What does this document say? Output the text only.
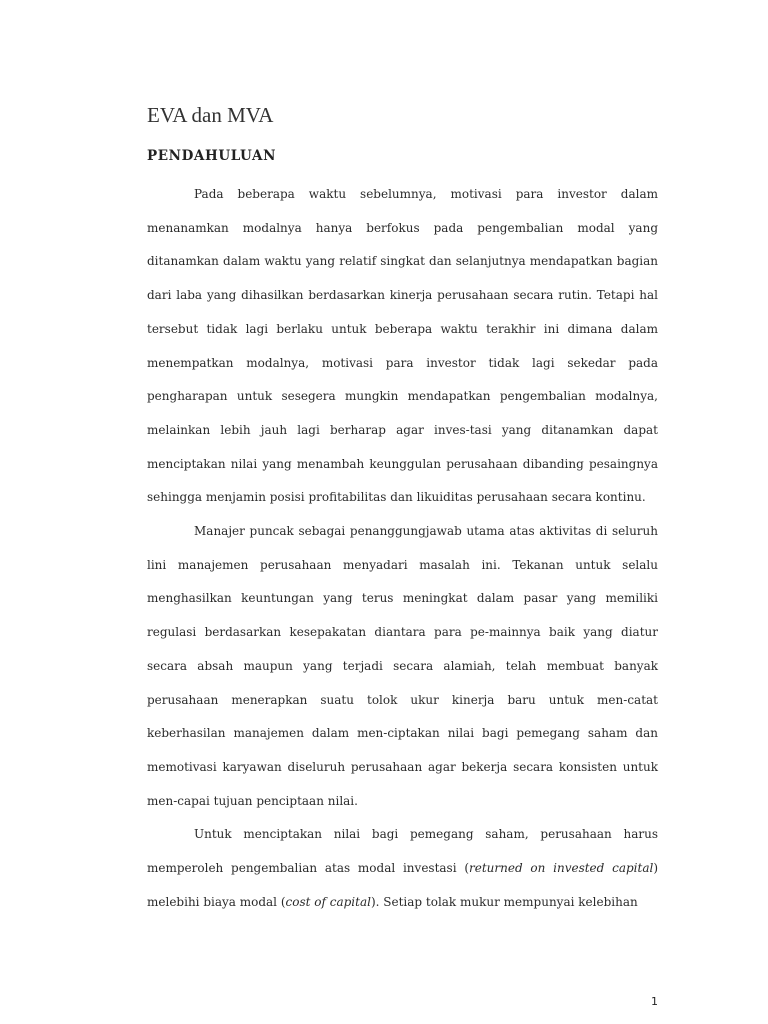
EVA dan MVA
PENDAHULUAN

Pada beberapa waktu sebelumnya, motivasi para investor dalam menanamkan modalnya hanya berfokus pada pengembalian modal yang ditanamkan dalam waktu yang relatif singkat dan selanjutnya mendapatkan bagian dari laba yang dihasilkan berdasarkan kinerja perusahaan secara rutin. Tetapi hal tersebut tidak lagi berlaku untuk beberapa waktu terakhir ini dimana dalam menempatkan modalnya, motivasi para investor tidak lagi sekedar pada pengharapan untuk sesegera mungkin mendapatkan pengembalian modalnya, melainkan lebih jauh lagi berharap agar inves-tasi yang ditanamkan dapat menciptakan nilai yang menambah keunggulan perusahaan dibanding pesaingnya sehingga menjamin posisi profitabilitas dan likuiditas perusahaan secara kontinu.

Manajer puncak sebagai penanggungjawab utama atas aktivitas di seluruh lini manajemen perusahaan menyadari masalah ini. Tekanan untuk selalu menghasilkan keuntungan yang terus meningkat dalam pasar yang memiliki regulasi berdasarkan kesepakatan diantara para pe-mainnya baik yang diatur secara absah maupun yang terjadi secara alamiah, telah membuat banyak perusahaan menerapkan suatu tolok ukur kinerja baru untuk men-catat keberhasilan manajemen dalam men-ciptakan nilai bagi pemegang saham dan memotivasi karyawan diseluruh perusahaan agar bekerja secara konsisten untuk men-capai tujuan penciptaan nilai.

Untuk menciptakan nilai bagi pemegang saham, perusahaan harus memperoleh pengembalian atas modal investasi (returned on invested capital) melebihi biaya modal (cost of capital). Setiap tolak mukur mempunyai kelebihan

1
